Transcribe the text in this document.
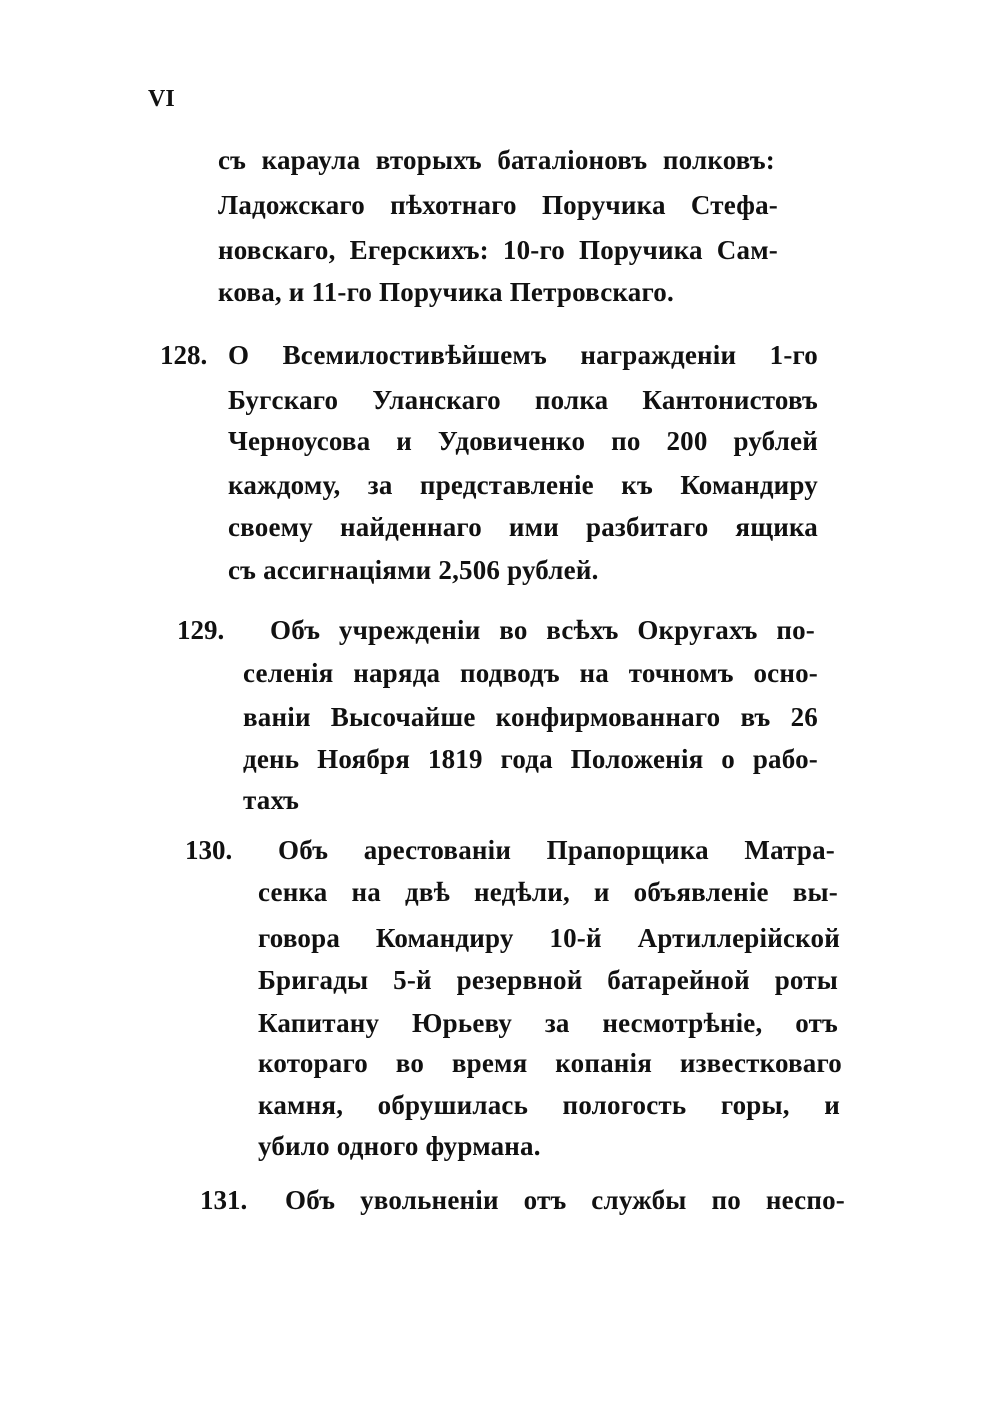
VI
съ караула вторыхъ баталіоновъ полковъ:
Ладожскаго пѣхотнаго Поручика Стефа-
новскаго, Егерскихъ: 10-го Поручика Сам-
кова, и 11-го Поручика Петровскаго.
128. О Всемилостивѣйшемъ награжденіи 1-го
Бугскаго Уланскаго полка Кантонистовъ
Черноусова и Удовиченко по 200 рублей
каждому, за представленіе къ Командиру
своему найденнаго ими разбитаго ящика
съ ассигнаціями 2,506 рублей.
129. Объ учрежденіи во всѣхъ Округахъ по-
селенія наряда подводъ на точномъ осно-
ваніи Высочайше конфирмованнаго въ 26
день Ноября 1819 года Положенія о рабо-
тахъ
130. Объ арестованіи Прапорщика Матра-
сенка на двѣ недѣли, и объявленіе вы-
говора Командиру 10-й Артиллерійской
Бригады 5-й резервной батарейной роты
Капитану Юрьеву за несмотрѣніе, отъ
котораго во время копанія известковаго
камня, обрушилась пологость горы, и
убило одного фурмана.
131. Объ увольненіи отъ службы по неспо-
